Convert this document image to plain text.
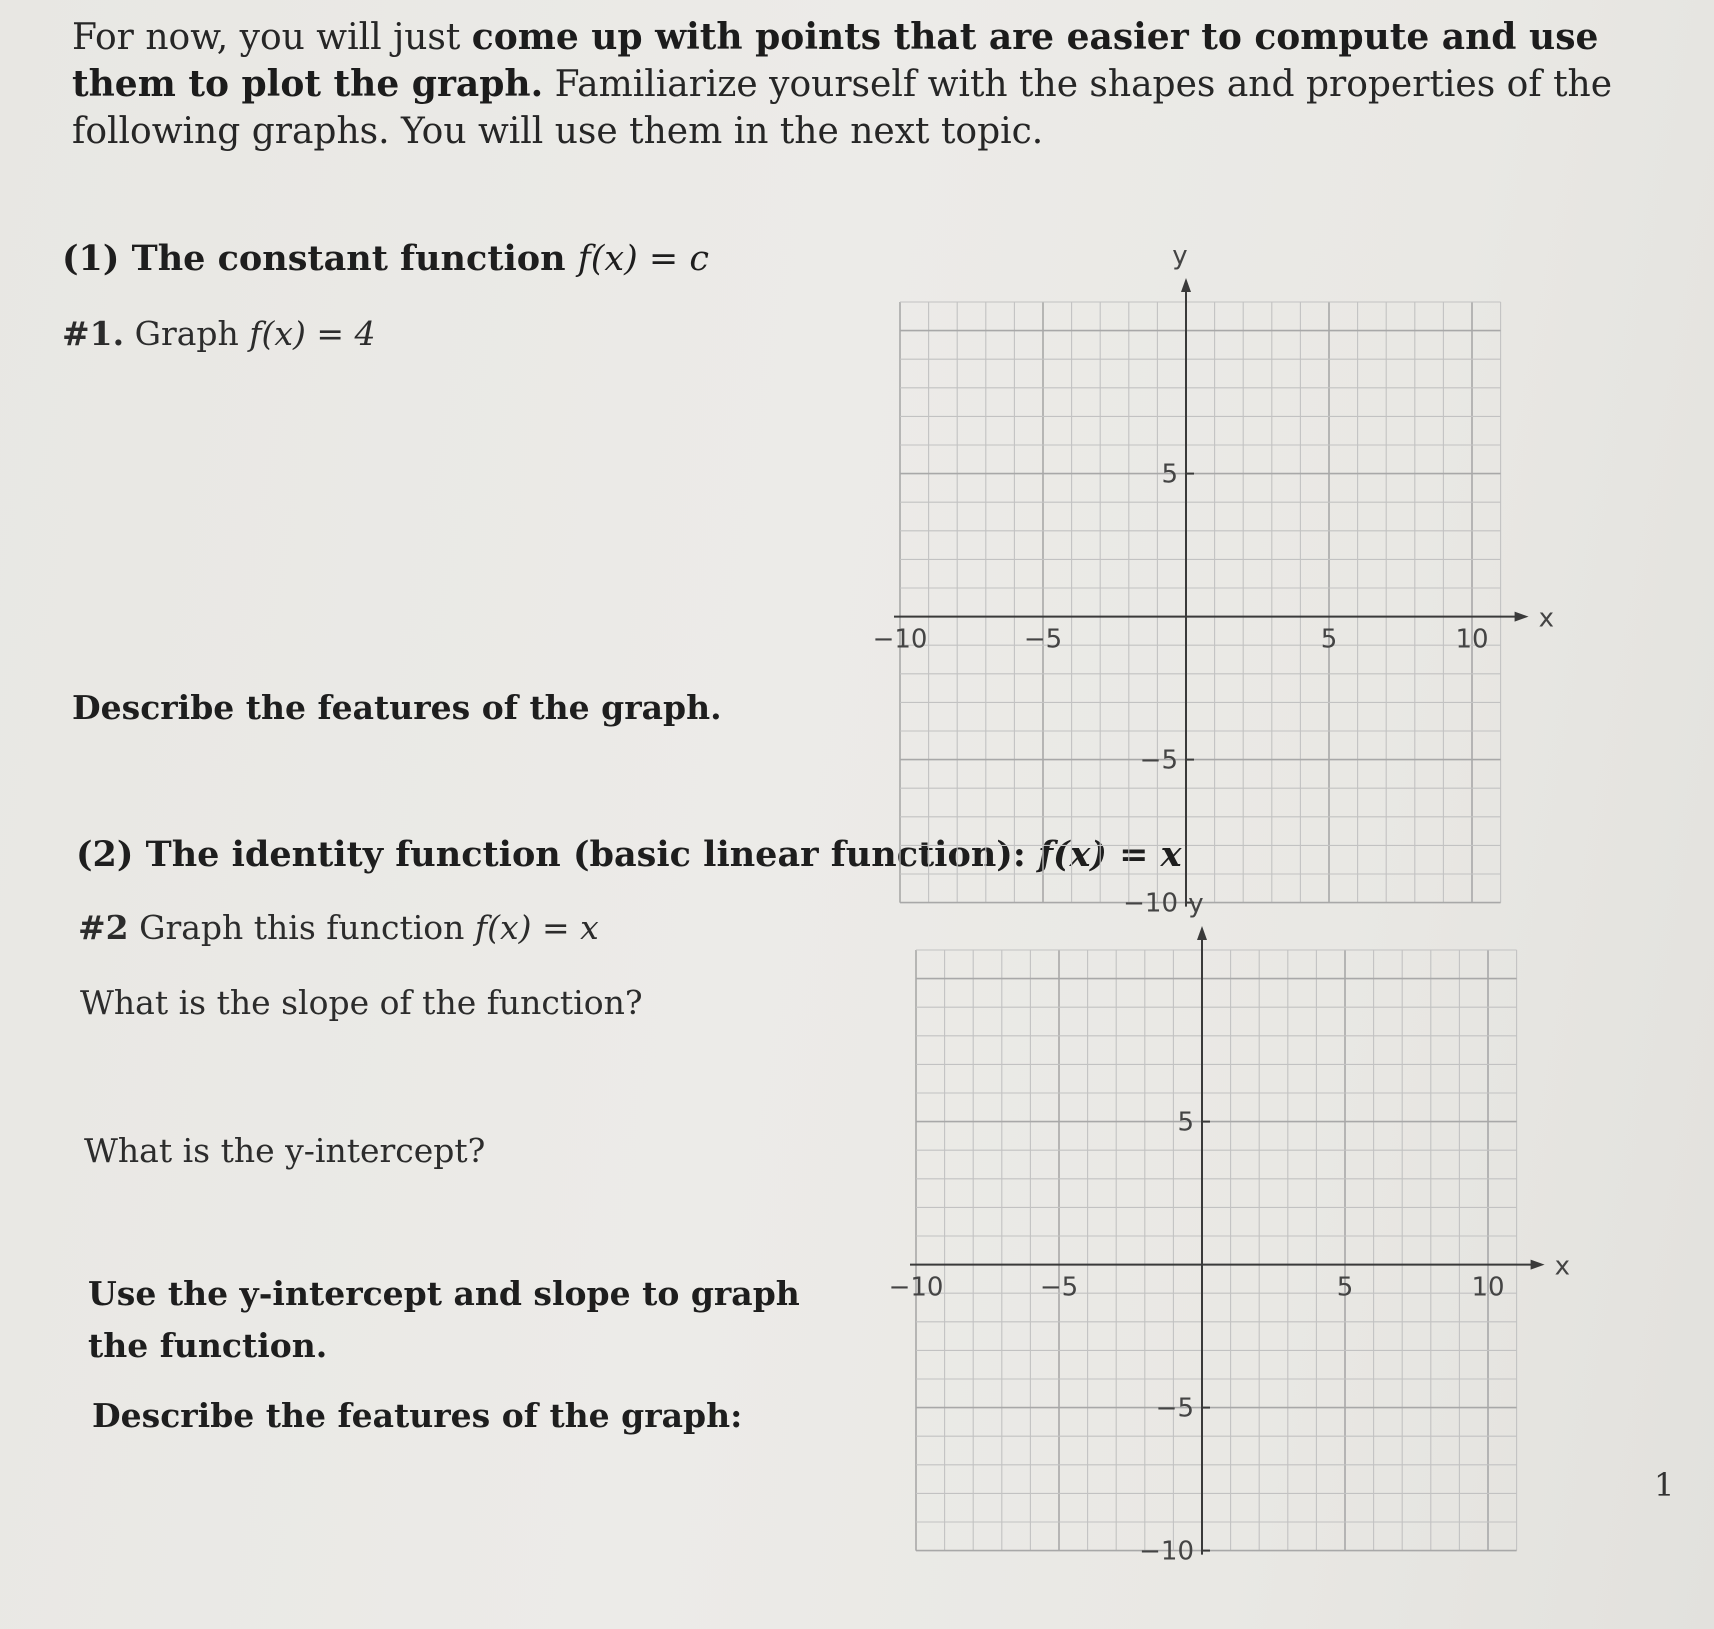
For now, you will just come up with points that are easier to compute and use them to plot the graph. Familiarize yourself with the shapes and properties of the following graphs. You will use them in the next topic.
(1) The constant function f(x) = c
#1. Graph f(x) = 4
Describe the features of the graph.
(2) The identity function (basic linear function): f(x) = x
#2 Graph this function f(x) = x
What is the slope of the function?
What is the y-intercept?
Use the y-intercept and slope to graph the function.
Describe the features of the graph:
x
y
−10	−5	5	10
5
−5
−10
x
y
−10	−5	5	10
5
−5
−10
1
